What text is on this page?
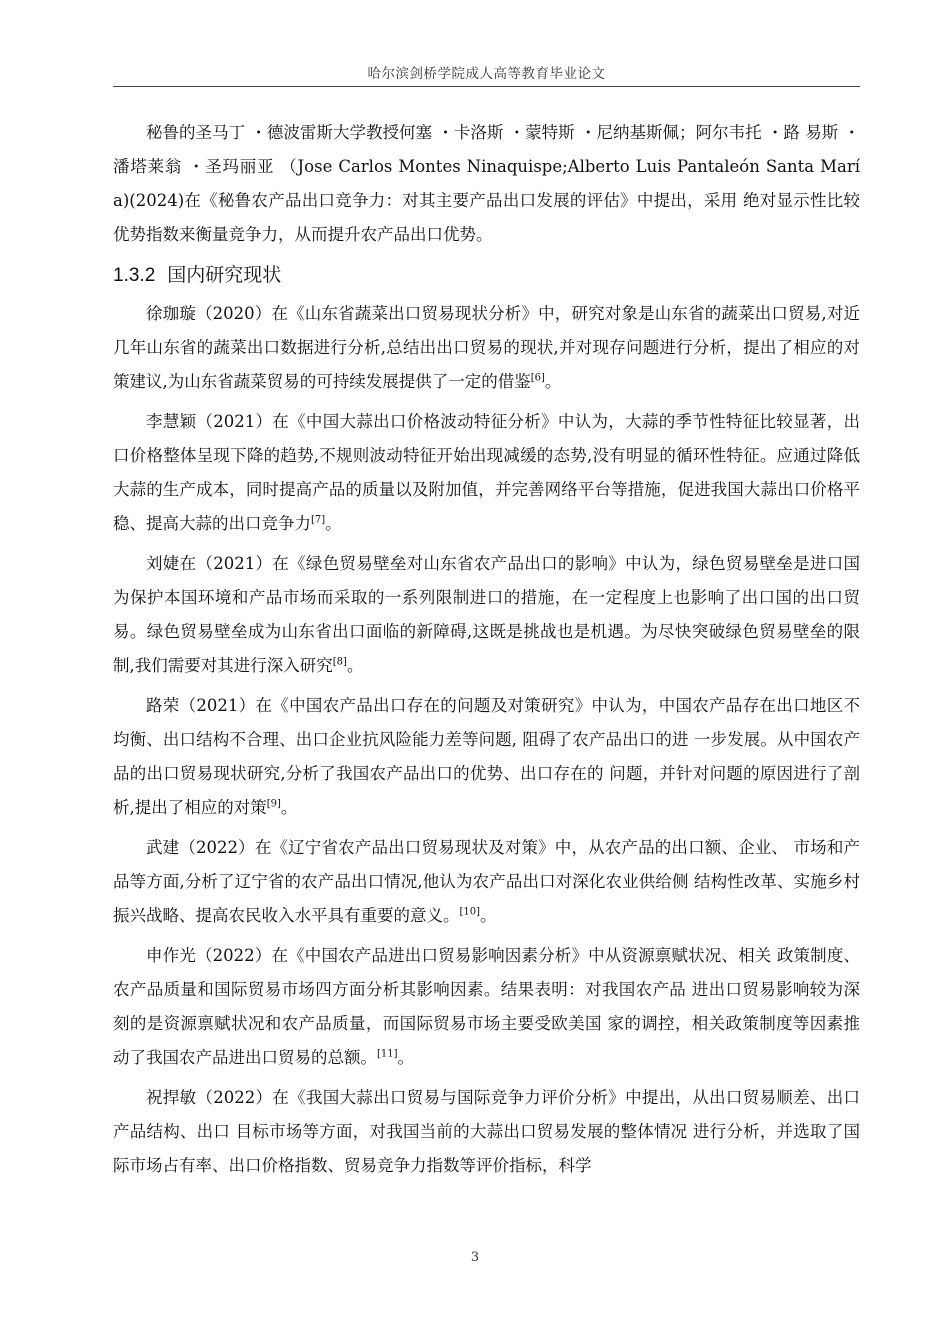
哈尔滨剑桥学院成人高等教育毕业论文

秘鲁的圣马丁 ・德波雷斯大学教授何塞 ・卡洛斯 ・蒙特斯 ・尼纳基斯佩；阿尔韦托 ・路 易斯 ・潘塔莱翁 ・圣玛丽亚 （Jose Carlos Montes Ninaquispe;Alberto Luis Pantaleón Santa María)(2024)在《秘鲁农产品出口竞争力：对其主要产品出口发展的评估》中提出，采用 绝对显示性比较优势指数来衡量竞争力，从而提升农产品出口优势。

1.3.2 国内研究现状

徐珈璇（2020）在《山东省蔬菜出口贸易现状分析》中，研究对象是山东省的蔬菜出口贸易,对近几年山东省的蔬菜出口数据进行分析,总结出出口贸易的现状,并对现存问题进行分析，提出了相应的对策建议,为山东省蔬菜贸易的可持续发展提供了一定的借鉴[6]。

李慧颖（2021）在《中国大蒜出口价格波动特征分析》中认为，大蒜的季节性特征比较显著，出口价格整体呈现下降的趋势,不规则波动特征开始出现减缓的态势,没有明显的循环性特征。应通过降低大蒜的生产成本，同时提高产品的质量以及附加值，并完善网络平台等措施，促进我国大蒜出口价格平稳、提高大蒜的出口竞争力[7]。

刘婕在（2021）在《绿色贸易壁垒对山东省农产品出口的影响》中认为，绿色贸易壁垒是进口国为保护本国环境和产品市场而采取的一系列限制进口的措施，在一定程度上也影响了出口国的出口贸易。绿色贸易壁垒成为山东省出口面临的新障碍,这既是挑战也是机遇。为尽快突破绿色贸易壁垒的限制,我们需要对其进行深入研究[8]。

路荣（2021）在《中国农产品出口存在的问题及对策研究》中认为，中国农产品存在出口地区不均衡、出口结构不合理、出口企业抗风险能力差等问题, 阻碍了农产品出口的进 一步发展。从中国农产品的出口贸易现状研究,分析了我国农产品出口的优势、出口存在的 问题，并针对问题的原因进行了剖析,提出了相应的对策[9]。

武建（2022）在《辽宁省农产品出口贸易现状及对策》中，从农产品的出口额、企业、 市场和产品等方面,分析了辽宁省的农产品出口情况,他认为农产品出口对深化农业供给侧 结构性改革、实施乡村振兴战略、提高农民收入水平具有重要的意义。[10]。

申作光（2022）在《中国农产品进出口贸易影响因素分析》中从资源禀赋状况、相关 政策制度、农产品质量和国际贸易市场四方面分析其影响因素。结果表明：对我国农产品 进出口贸易影响较为深刻的是资源禀赋状况和农产品质量，而国际贸易市场主要受欧美国 家的调控，相关政策制度等因素推动了我国农产品进出口贸易的总额。[11]。

祝捍敏（2022）在《我国大蒜出口贸易与国际竞争力评价分析》中提出，从出口贸易顺差、出口产品结构、出口 目标市场等方面，对我国当前的大蒜出口贸易发展的整体情况 进行分析，并选取了国际市场占有率、出口价格指数、贸易竞争力指数等评价指标，科学

3
